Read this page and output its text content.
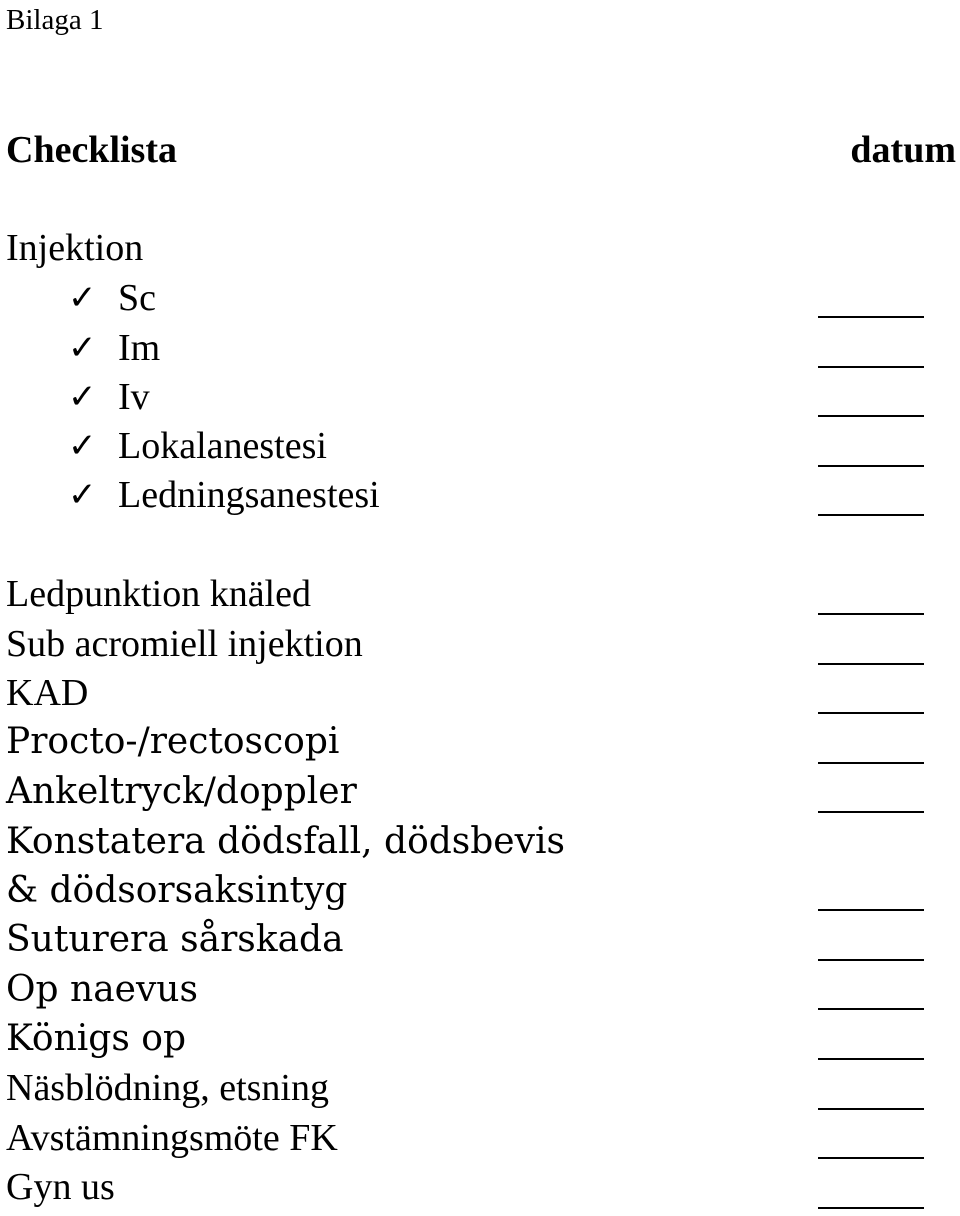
Bilaga 1
Checklista	datum
Injektion
✓ Sc
✓ Im
✓ Iv
✓ Lokalanestesi
✓ Ledningsanestesi
Ledpunktion knäled
Sub acromiell injektion
KAD
Procto-/rectoscopi
Ankeltryck/doppler
Konstatera dödsfall, dödsbevis
& dödsorsaksintyg
Suturera sårskada
Op naevus
Königs op
Näsblödning, etsning
Avstämningsmöte FK
Gyn us
